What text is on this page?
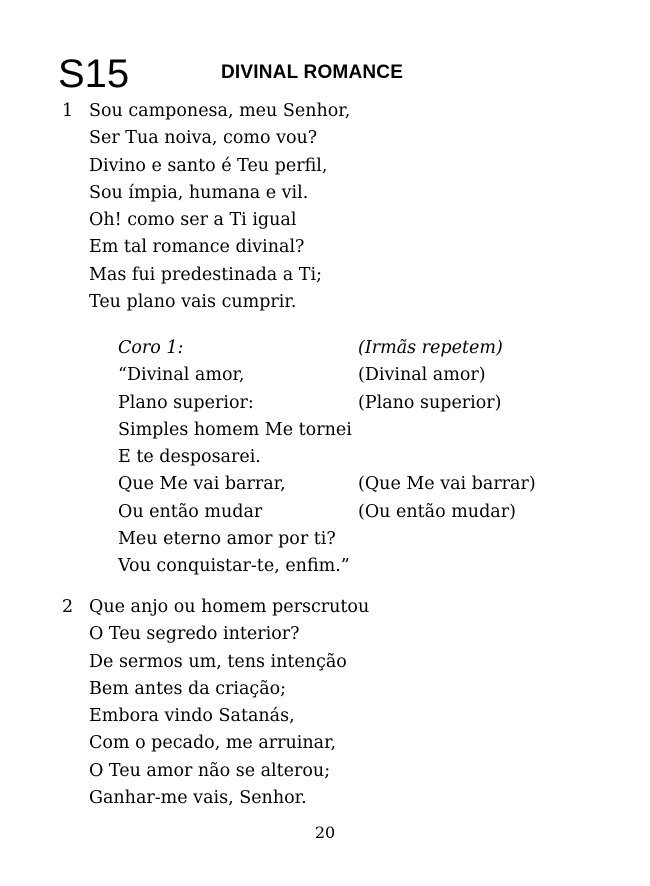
S15	DIVINAL ROMANCE
1 Sou camponesa, meu Senhor,
Ser Tua noiva, como vou?
Divino e santo é Teu perfil,
Sou ímpia, humana e vil.
Oh! como ser a Ti igual
Em tal romance divinal?
Mas fui predestinada a Ti;
Teu plano vais cumprir.
Coro 1:	(Irmãs repetem)
“Divinal amor,	(Divinal amor)
Plano superior:	(Plano superior)
Simples homem Me tornei
E te desposarei.
Que Me vai barrar,	(Que Me vai barrar)
Ou então mudar	(Ou então mudar)
Meu eterno amor por ti?
Vou conquistar-te, enfim.”
2 Que anjo ou homem perscrutou
O Teu segredo interior?
De sermos um, tens intenção
Bem antes da criação;
Embora vindo Satanás,
Com o pecado, me arruinar,
O Teu amor não se alterou;
Ganhar-me vais, Senhor.
20
